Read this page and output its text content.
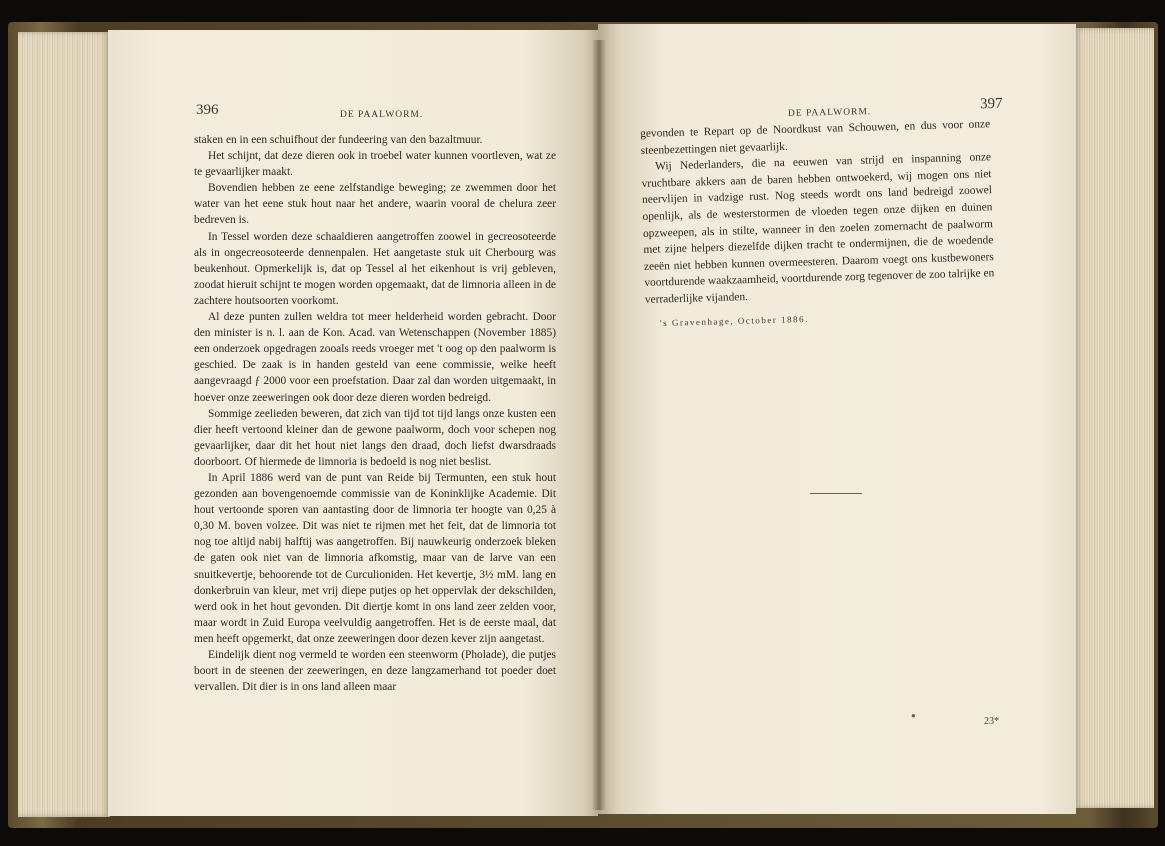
396	DE PAALWORM.

staken en in een schuifhout der fundeering van den bazaltmuur.

Het schijnt, dat deze dieren ook in troebel water kunnen voortleven, wat ze te gevaarlijker maakt.

Bovendien hebben ze eene zelfstandige beweging; ze zwemmen door het water van het eene stuk hout naar het andere, waarin vooral de chelura zeer bedreven is.

In Tessel worden deze schaaldieren aangetroffen zoowel in gecreosoteerde als in ongecreosoteerde dennenpalen. Het aangetaste stuk uit Cherbourg was beukenhout. Opmerkelijk is, dat op Tessel al het eikenhout is vrij gebleven, zoodat hieruit schijnt te mogen worden opgemaakt, dat de limnoria alleen in de zachtere houtsoorten voorkomt.

Al deze punten zullen weldra tot meer helderheid worden gebracht. Door den minister is n. l. aan de Kon. Acad. van Wetenschappen (November 1885) een onderzoek opgedragen zooals reeds vroeger met 't oog op den paalworm is geschied. De zaak is in handen gesteld van eene commissie, welke heeft aangevraagd ƒ 2000 voor een proefstation. Daar zal dan worden uitgemaakt, in hoever onze zeeweringen ook door deze dieren worden bedreigd.

Sommige zeelieden beweren, dat zich van tijd tot tijd langs onze kusten een dier heeft vertoond kleiner dan de gewone paalworm, doch voor schepen nog gevaarlijker, daar dit het hout niet langs den draad, doch liefst dwarsdraads doorboort. Of hiermede de limnoria is bedoeld is nog niet beslist.

In April 1886 werd van de punt van Reide bij Termunten, een stuk hout gezonden aan bovengenoemde commissie van de Koninklijke Academie. Dit hout vertoonde sporen van aantasting door de limnoria ter hoogte van 0,25 à 0,30 M. boven volzee. Dit was niet te rijmen met het feit, dat de limnoria tot nog toe altijd nabij halftij was aangetroffen. Bij nauwkeurig onderzoek bleken de gaten ook niet van de limnoria afkomstig, maar van de larve van een snuitkevertje, behoorende tot de Curculioniden. Het kevertje, 3½ mM. lang en donkerbruin van kleur, met vrij diepe putjes op het oppervlak der dekschilden, werd ook in het hout gevonden. Dit diertje komt in ons land zeer zelden voor, maar wordt in Zuid Europa veelvuldig aangetroffen. Het is de eerste maal, dat men heeft opgemerkt, dat onze zeeweringen door dezen kever zijn aangetast.

Eindelijk dient nog vermeld te worden een steenworm (Pholade), die putjes boort in de steenen der zeeweringen, en deze langzamerhand tot poeder doet vervallen. Dit dier is in ons land alleen maar

DE PAALWORM.
397

gevonden te Repart op de Noordkust van Schouwen, en dus voor onze steenbezettingen niet gevaarlijk.

Wij Nederlanders, die na eeuwen van strijd en inspanning onze vruchtbare akkers aan de baren hebben ontwoekerd, wij mogen ons niet neervlijen in vadzige rust. Nog steeds wordt ons land bedreigd zoowel openlijk, als de westerstormen de vloeden tegen onze dijken en duinen opzweepen, als in stilte, wanneer in den zoelen zomernacht de paalworm met zijne helpers diezelfde dijken tracht te ondermijnen, die de woedende zeeën niet hebben kunnen overmeesteren. Daarom voegt ons kustbewoners voortdurende waakzaamheid, voortdurende zorg tegenover de zoo talrijke en verraderlijke vijanden.

's Gravenhage, October 1886.
●
23*
